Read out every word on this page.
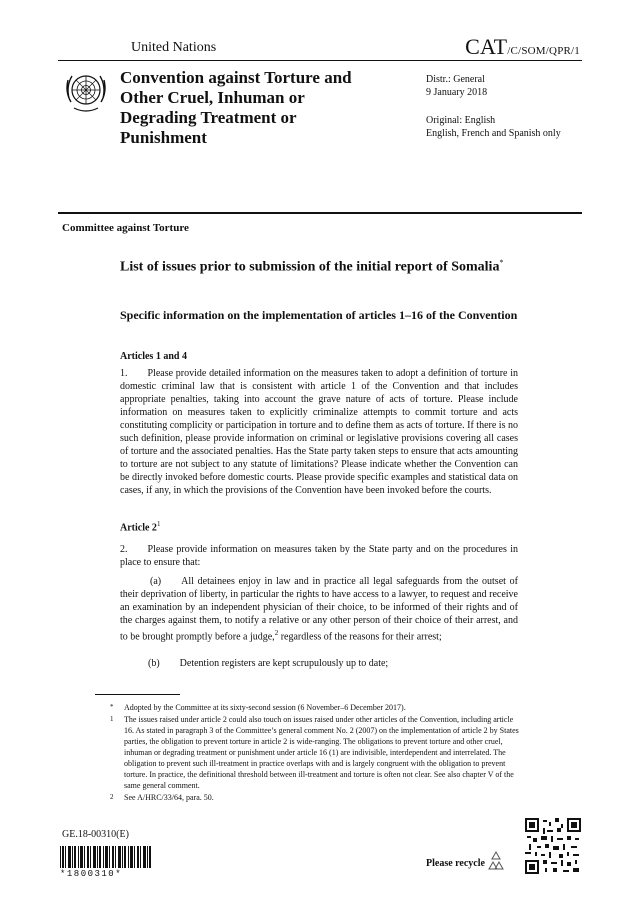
United Nations	CAT/C/SOM/QPR/1
Convention against Torture and Other Cruel, Inhuman or Degrading Treatment or Punishment
Distr.: General
9 January 2018
Original: English
English, French and Spanish only
Committee against Torture
List of issues prior to submission of the initial report of Somalia*
Specific information on the implementation of articles 1–16 of the Convention
Articles 1 and 4
1.  Please provide detailed information on the measures taken to adopt a definition of torture in domestic criminal law that is consistent with article 1 of the Convention and that includes appropriate penalties, taking into account the grave nature of acts of torture. Please include information on measures taken to explicitly criminalize attempts to commit torture and acts constituting complicity or participation in torture and to define them as acts of torture. If there is no such definition, please provide information on criminal or legislative provisions covering all cases of torture and the associated penalties. Has the State party taken steps to ensure that acts amounting to torture are not subject to any statute of limitations? Please indicate whether the Convention can be directly invoked before domestic courts. Please provide specific examples and statistical data on cases, if any, in which the provisions of the Convention have been invoked before the courts.
Article $2^1$
2.  Please provide information on measures taken by the State party and on the procedures in place to ensure that:
   (a)  All detainees enjoy in law and in practice all legal safeguards from the outset of their deprivation of liberty, in particular the rights to have access to a lawyer, to request and receive an examination by an independent physician of their choice, to be informed of their rights and of the charges against them, to notify a relative or any other person of their choice of their arrest, and to be brought promptly before a judge,$^2$ regardless of the reasons for their arrest;
(b)  Detention registers are kept scrupulously up to date;
* Adopted by the Committee at its sixty-second session (6 November–6 December 2017).
1 The issues raised under article 2 could also touch on issues raised under other articles of the Convention, including article 16. As stated in paragraph 3 of the Committee’s general comment No. 2 (2007) on the implementation of article 2 by States parties, the obligation to prevent torture in article 2 is wide-ranging. The obligations to prevent torture and other cruel, inhuman or degrading treatment or punishment under article 16 (1) are indivisible, interdependent and interrelated. The obligation to prevent such ill-treatment in practice overlaps with and is largely congruent with the obligation to prevent torture. In practice, the definitional threshold between ill-treatment and torture is often not clear. See also chapter V of the same general comment.
2 See A/HRC/33/64, para. 50.
GE.18-00310(E)
*1800310*
Please recycle
